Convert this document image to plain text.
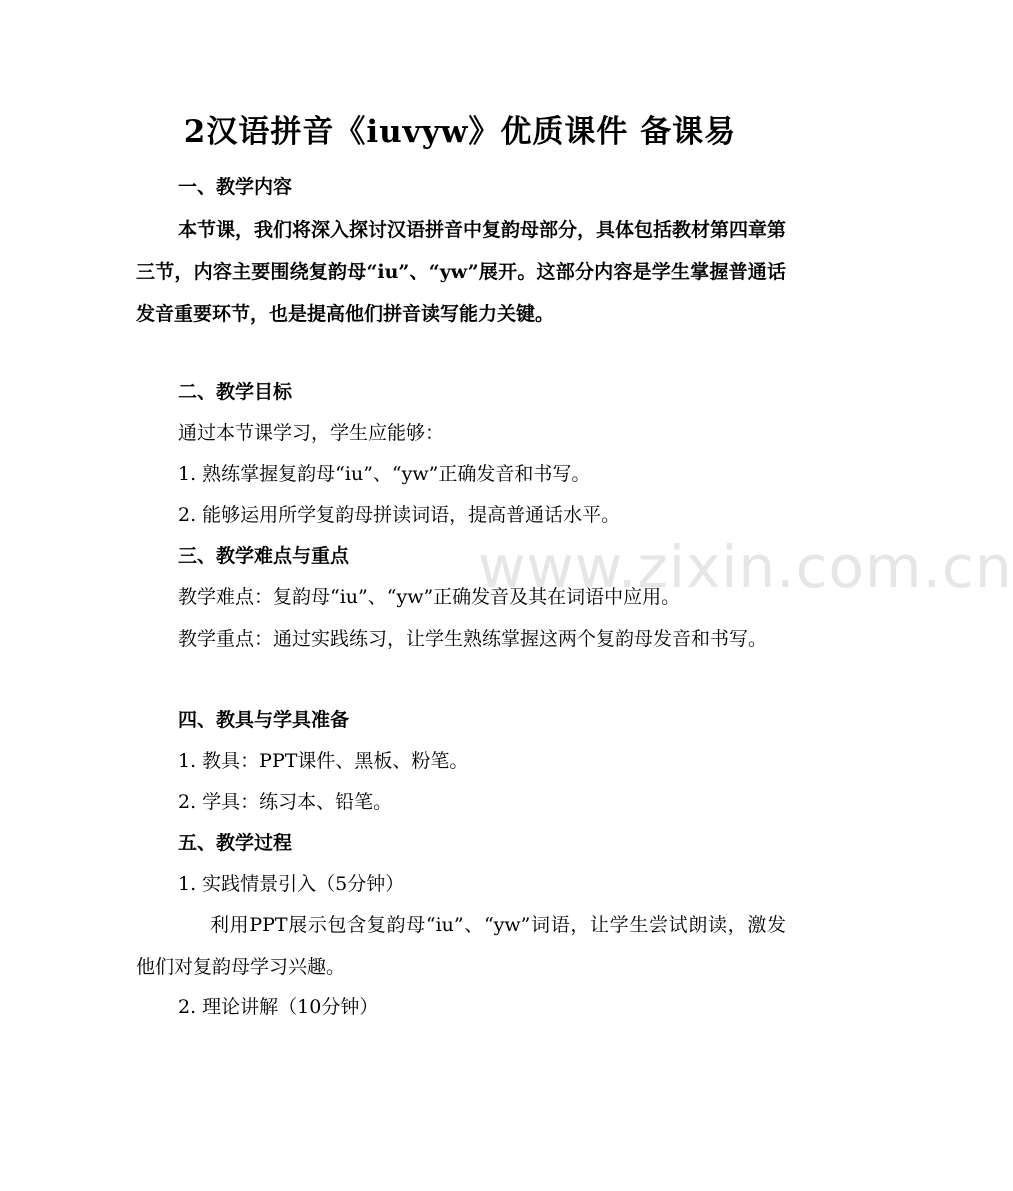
www.zixin.com.cn
2汉语拼音《iuvyw》优质课件 备课易
一、教学内容
本节课，我们将深入探讨汉语拼音中复韵母部分，具体包括教材第四章第三节，内容主要围绕复韵母“iu”、“yw”展开。这部分内容是学生掌握普通话发音重要环节，也是提高他们拼音读写能力关键。
二、教学目标
通过本节课学习，学生应能够：
1. 熟练掌握复韵母“iu”、“yw”正确发音和书写。
2. 能够运用所学复韵母拼读词语，提高普通话水平。
三、教学难点与重点
教学难点：复韵母“iu”、“yw”正确发音及其在词语中应用。
教学重点：通过实践练习，让学生熟练掌握这两个复韵母发音和书写。
四、教具与学具准备
1. 教具：PPT课件、黑板、粉笔。
2. 学具：练习本、铅笔。
五、教学过程
1. 实践情景引入（5分钟）
利用PPT展示包含复韵母“iu”、“yw”词语，让学生尝试朗读，激发他们对复韵母学习兴趣。
2. 理论讲解（10分钟）
